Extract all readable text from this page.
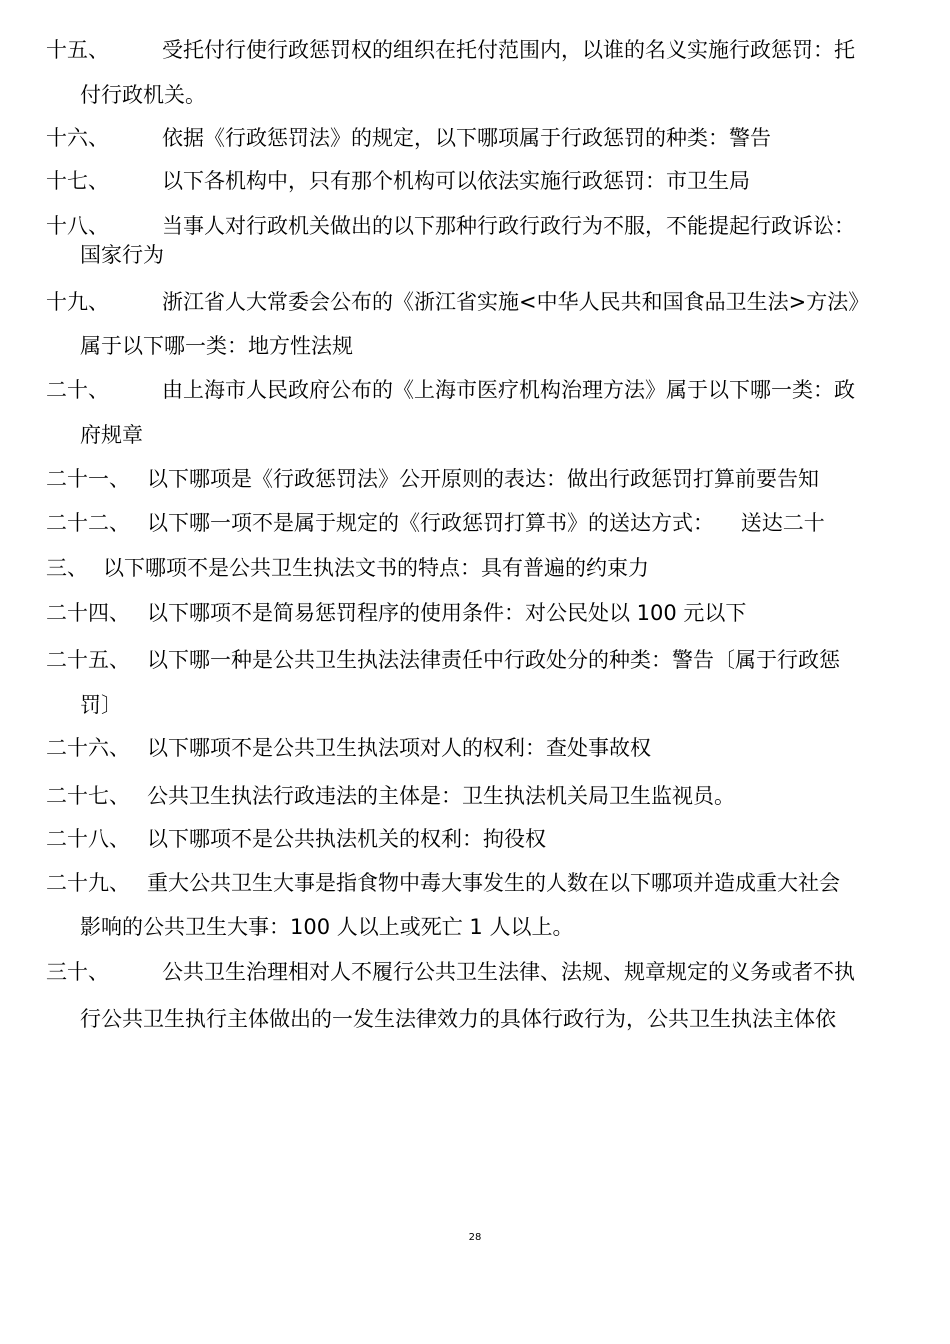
十五、	受托付行使行政惩罚权的组织在托付范围内，以谁的名义实施行政惩罚：托
付行政机关。
十六、	依据《行政惩罚法》的规定，以下哪项属于行政惩罚的种类：警告
十七、	以下各机构中，只有那个机构可以依法实施行政惩罚：市卫生局
十八、	当事人对行政机关做出的以下那种行政行政行为不服，不能提起行政诉讼：
国家行为
十九、	浙江省人大常委会公布的《浙江省实施<中华人民共和国食品卫生法>方法》
属于以下哪一类：地方性法规
二十、	由上海市人民政府公布的《上海市医疗机构治理方法》属于以下哪一类：政
府规章
二十一、 以下哪项是《行政惩罚法》公开原则的表达：做出行政惩罚打算前要告知
二十二、 以下哪一项不是属于规定的《行政惩罚打算书》的送达方式：    送达二十
三、 以下哪项不是公共卫生执法文书的特点：具有普遍的约束力
二十四、 以下哪项不是简易惩罚程序的使用条件：对公民处以 100 元以下
二十五、 以下哪一种是公共卫生执法法律责任中行政处分的种类：警告〔属于行政惩
罚〕
二十六、 以下哪项不是公共卫生执法项对人的权利：查处事故权
二十七、 公共卫生执法行政违法的主体是：卫生执法机关局卫生监视员。
二十八、 以下哪项不是公共执法机关的权利：拘役权
二十九、 重大公共卫生大事是指食物中毒大事发生的人数在以下哪项并造成重大社会
影响的公共卫生大事：100 人以上或死亡 1 人以上。
三十、	公共卫生治理相对人不履行公共卫生法律、法规、规章规定的义务或者不执
行公共卫生执行主体做出的一发生法律效力的具体行政行为，公共卫生执法主体依
28
